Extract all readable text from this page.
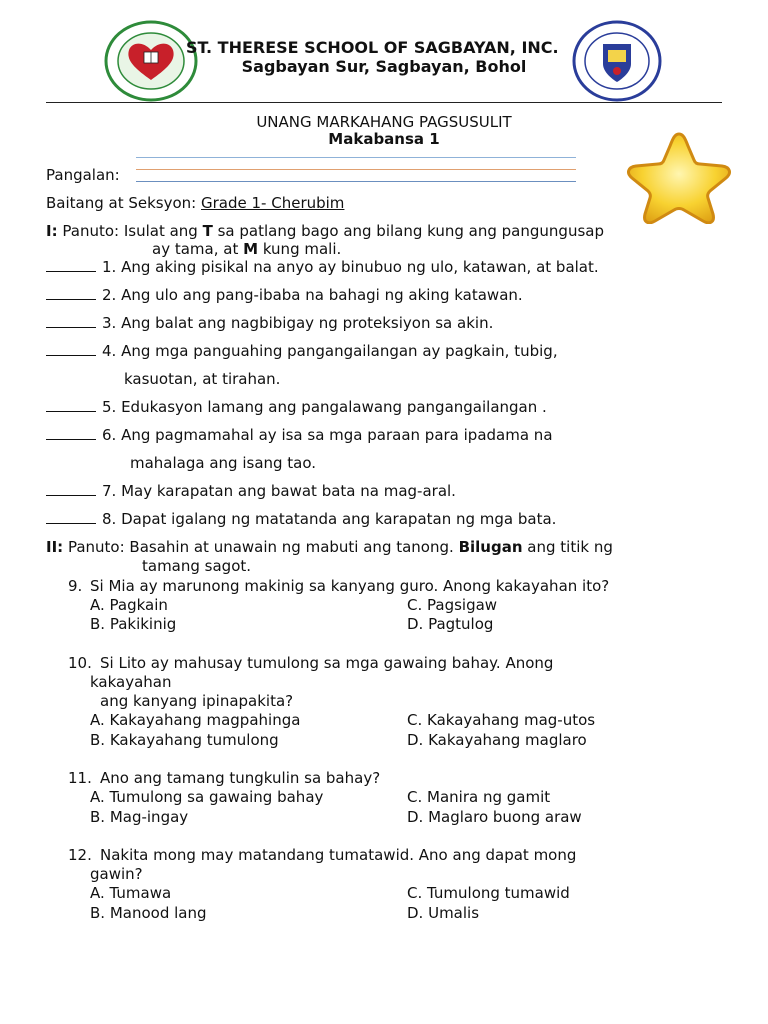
ST. THERESE SCHOOL OF SAGBAYAN, INC.
Sagbayan Sur, Sagbayan, Bohol
UNANG MARKAHANG PAGSUSULIT
Makabansa 1
Pangalan:
Baitang at Seksyon: Grade 1- Cherubim
I: Panuto: Isulat ang T sa patlang bago ang bilang kung ang pangungusap
ay tama, at M kung mali.
1. Ang aking pisikal na anyo ay binubuo ng ulo, katawan, at balat.
2. Ang ulo ang pang-ibaba na bahagi ng aking katawan.
3. Ang balat ang nagbibigay ng proteksiyon sa akin.
4. Ang mga panguahing pangangailangan ay pagkain, tubig,
kasuotan, at tirahan.
5. Edukasyon lamang ang pangalawang pangangailangan .
6. Ang pagmamahal ay isa sa mga paraan para ipadama na
mahalaga ang isang tao.
7. May karapatan ang bawat bata na mag-aral.
8. Dapat igalang ng matatanda ang karapatan ng mga bata.
II: Panuto: Basahin at unawain ng mabuti ang tanong. Bilugan ang titik ng
tamang sagot.
9. Si Mia ay marunong makinig sa kanyang guro. Anong kakayahan ito?
A. Pagkain	C. Pagsigaw
B. Pakikinig	D. Pagtulog
10. Si Lito ay mahusay tumulong sa mga gawaing bahay. Anong
kakayahan
ang kanyang ipinapakita?
A. Kakayahang magpahinga	C. Kakayahang mag-utos
B. Kakayahang tumulong	D. Kakayahang maglaro
11. Ano ang tamang tungkulin sa bahay?
A. Tumulong sa gawaing bahay	C. Manira ng gamit
B. Mag-ingay	D. Maglaro buong araw
12. Nakita mong may matandang tumatawid. Ano ang dapat mong
gawin?
A. Tumawa	C. Tumulong tumawid
B. Manood lang	D. Umalis
